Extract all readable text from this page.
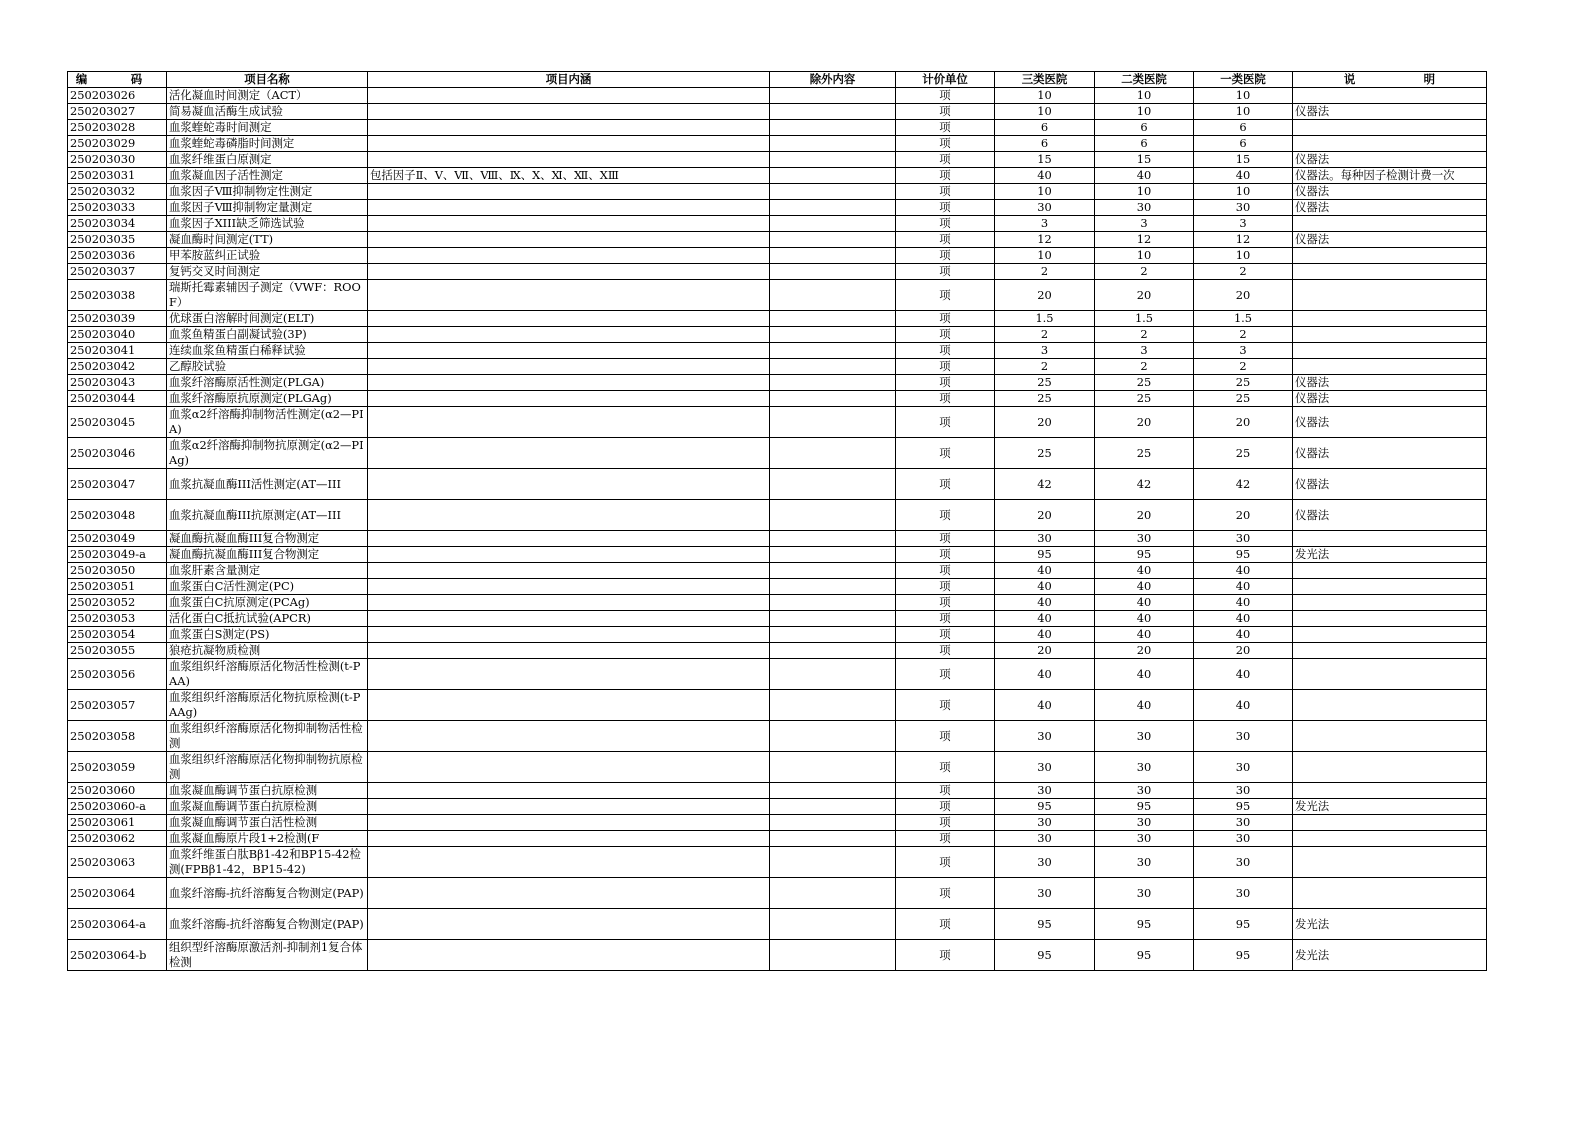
编　码	项目名称	项目内涵	除外内容	计价单位	三类医院	二类医院	一类医院	说　　　　　　明
250203026	活化凝血时间测定（ACT）			项	10	10	10	
250203027	简易凝血活酶生成试验			项	10	10	10	仪器法
250203028	血浆蝰蛇毒时间测定			项	6	6	6	
250203029	血浆蝰蛇毒磷脂时间测定			项	6	6	6	
250203030	血浆纤维蛋白原测定			项	15	15	15	仪器法
250203031	血浆凝血因子活性测定	包括因子Ⅱ、Ⅴ、Ⅶ、Ⅷ、Ⅸ、Ⅹ、Ⅺ、Ⅻ、ⅩⅢ		项	40	40	40	仪器法。每种因子检测计费一次
250203032	血浆因子Ⅷ抑制物定性测定			项	10	10	10	仪器法
250203033	血浆因子Ⅷ抑制物定量测定			项	30	30	30	仪器法
250203034	血浆因子XIII缺乏筛选试验			项	3	3	3	
250203035	凝血酶时间测定(TT)			项	12	12	12	仪器法
250203036	甲苯胺蓝纠正试验			项	10	10	10	
250203037	复钙交叉时间测定			项	2	2	2	
250203038	瑞斯托霉素辅因子测定（VWF：ROOF）			项	20	20	20	
250203039	优球蛋白溶解时间测定(ELT)			项	1.5	1.5	1.5	
250203040	血浆鱼精蛋白副凝试验(3P)			项	2	2	2	
250203041	连续血浆鱼精蛋白稀释试验			项	3	3	3	
250203042	乙醇胶试验			项	2	2	2	
250203043	血浆纤溶酶原活性测定(PLGA)			项	25	25	25	仪器法
250203044	血浆纤溶酶原抗原测定(PLGAg)			项	25	25	25	仪器法
250203045	血浆α2纤溶酶抑制物活性测定(α2—PIA)			项	20	20	20	仪器法
250203046	血浆α2纤溶酶抑制物抗原测定(α2—PIAg)			项	25	25	25	仪器法
250203047	血浆抗凝血酶III活性测定(AT—III			项	42	42	42	仪器法
250203048	血浆抗凝血酶III抗原测定(AT—III			项	20	20	20	仪器法
250203049	凝血酶抗凝血酶III复合物测定			项	30	30	30	
250203049-a	凝血酶抗凝血酶III复合物测定			项	95	95	95	发光法
250203050	血浆肝素含量测定			项	40	40	40	
250203051	血浆蛋白C活性测定(PC)			项	40	40	40	
250203052	血浆蛋白C抗原测定(PCAg)			项	40	40	40	
250203053	活化蛋白C抵抗试验(APCR)			项	40	40	40	
250203054	血浆蛋白S测定(PS)			项	40	40	40	
250203055	狼疮抗凝物质检测			项	20	20	20	
250203056	血浆组织纤溶酶原活化物活性检测(t-PAA)			项	40	40	40	
250203057	血浆组织纤溶酶原活化物抗原检测(t-PAAg)			项	40	40	40	
250203058	血浆组织纤溶酶原活化物抑制物活性检测			项	30	30	30	
250203059	血浆组织纤溶酶原活化物抑制物抗原检测			项	30	30	30	
250203060	血浆凝血酶调节蛋白抗原检测			项	30	30	30	
250203060-a	血浆凝血酶调节蛋白抗原检测			项	95	95	95	发光法
250203061	血浆凝血酶调节蛋白活性检测			项	30	30	30	
250203062	血浆凝血酶原片段1+2检测(F			项	30	30	30	
250203063	血浆纤维蛋白肽Bβ1-42和BP15-42检测(FPBβ1-42，BP15-42)			项	30	30	30	
250203064	血浆纤溶酶-抗纤溶酶复合物测定(PAP)			项	30	30	30	
250203064-a	血浆纤溶酶-抗纤溶酶复合物测定(PAP)			项	95	95	95	发光法
250203064-b	组织型纤溶酶原激活剂-抑制剂1复合体检测			项	95	95	95	发光法
